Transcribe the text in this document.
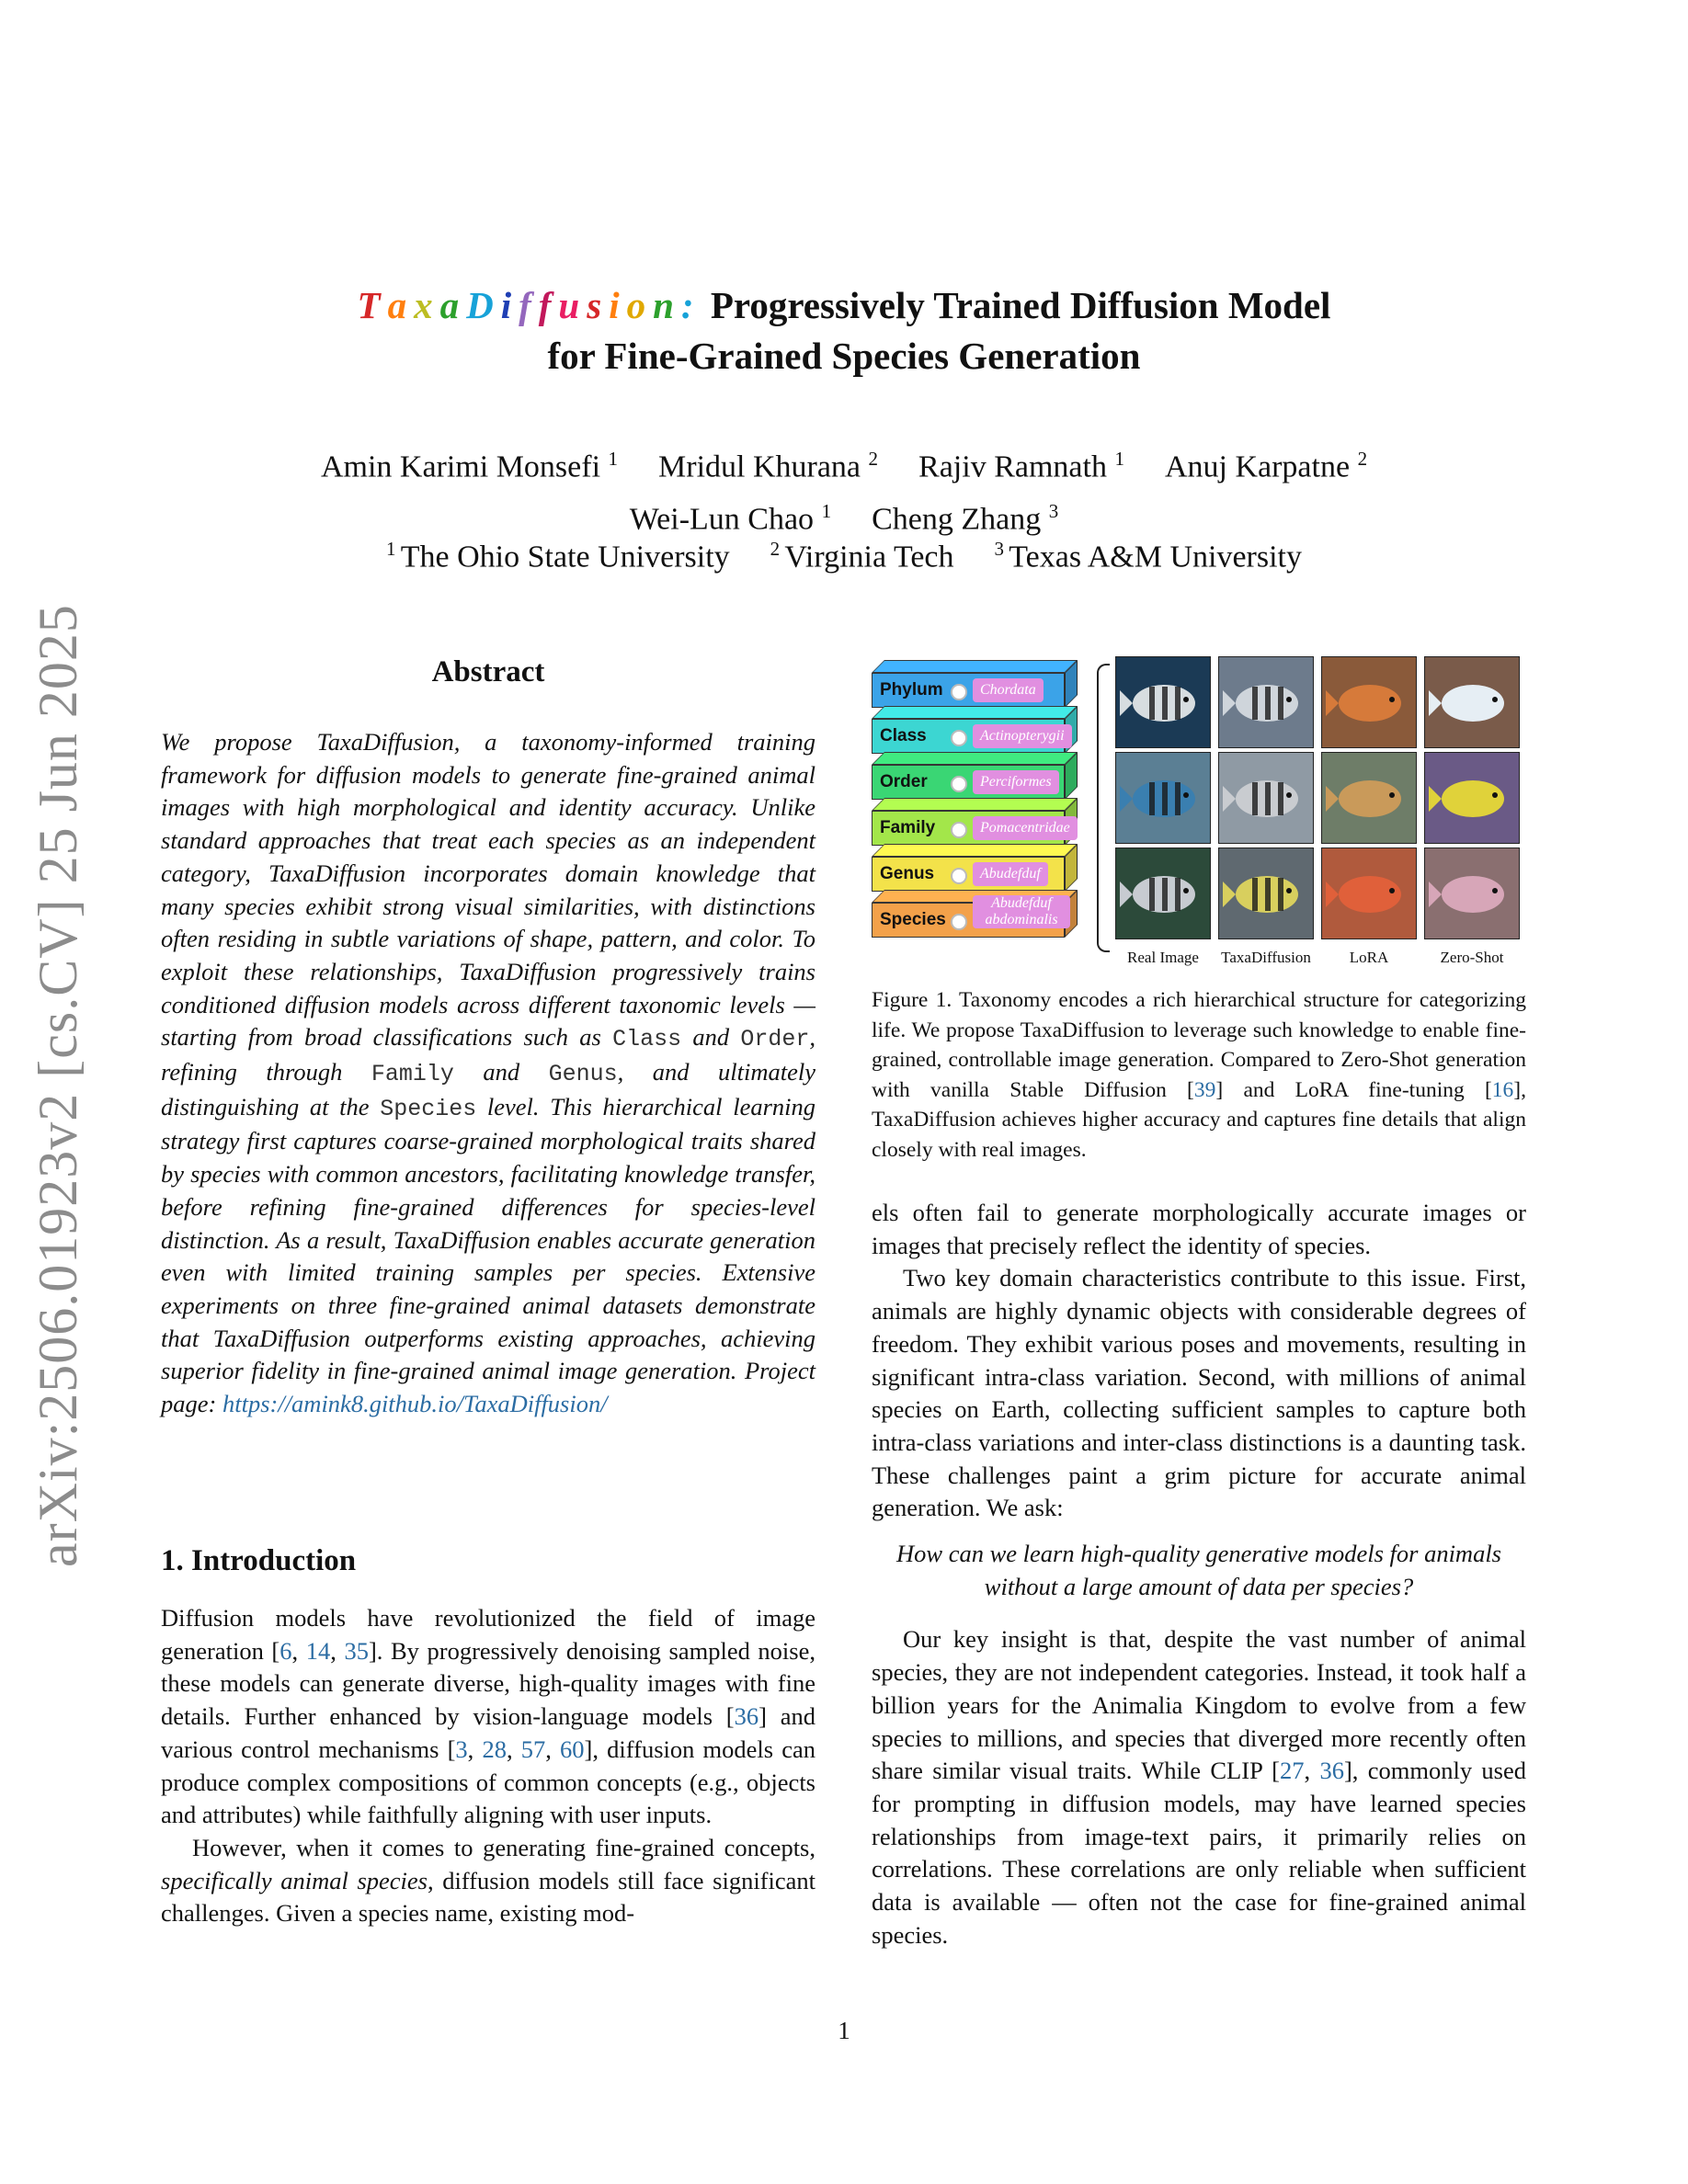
arXiv:2506.01923v2 [cs.CV] 25 Jun 2025
T a x a D i f f u s i o n : Progressively Trained Diffusion Model
for Fine-Grained Species Generation
Amin Karimi Monsefi $^1$ Mridul Khurana $^2$ Rajiv Ramnath $^1$ Anuj Karpatne $^2$
Wei-Lun Chao $^1$ Cheng Zhang $^3$
$^1$ The Ohio State University $^2$ Virginia Tech $^3$ Texas A&M University
Abstract
We propose TaxaDiffusion, a taxonomy-informed training framework for diffusion models to generate fine-grained animal images with high morphological and identity accuracy. Unlike standard approaches that treat each species as an independent category, TaxaDiffusion incorporates domain knowledge that many species exhibit strong visual similarities, with distinctions often residing in subtle variations of shape, pattern, and color. To exploit these relationships, TaxaDiffusion progressively trains conditioned diffusion models across different taxonomic levels — starting from broad classifications such as Class and Order, refining through Family and Genus, and ultimately distinguishing at the Species level. This hierarchical learning strategy first captures coarse-grained morphological traits shared by species with common ancestors, facilitating knowledge transfer, before refining fine-grained differences for species-level distinction. As a result, TaxaDiffusion enables accurate generation even with limited training samples per species. Extensive experiments on three fine-grained animal datasets demonstrate that TaxaDiffusion outperforms existing approaches, achieving superior fidelity in fine-grained animal image generation. Project page: https://amink8.github.io/TaxaDiffusion/
1. Introduction

Diffusion models have revolutionized the field of image generation [6, 14, 35]. By progressively denoising sampled noise, these models can generate diverse, high-quality images with fine details. Further enhanced by vision-language models [36] and various control mechanisms [3, 28, 57, 60], diffusion models can produce complex compositions of common concepts (e.g., objects and attributes) while faithfully aligning with user inputs.

However, when it comes to generating fine-grained concepts, specifically animal species, diffusion models still face significant challenges. Given a species name, existing mod-

Phylum	Chordata
Class	Actinopterygii
Order	Perciformes
Family	Pomacentridae
Genus	Abudefduf
Species
Abudefduf abdominalis
Real Image	TaxaDiffusion	LoRA	Zero-Shot
Figure 1. Taxonomy encodes a rich hierarchical structure for categorizing life. We propose TaxaDiffusion to leverage such knowledge to enable fine-grained, controllable image generation. Compared to Zero-Shot generation with vanilla Stable Diffusion [39] and LoRA fine-tuning [16], TaxaDiffusion achieves higher accuracy and captures fine details that align closely with real images.

els often fail to generate morphologically accurate images or images that precisely reflect the identity of species.

Two key domain characteristics contribute to this issue. First, animals are highly dynamic objects with considerable degrees of freedom. They exhibit various poses and movements, resulting in significant intra-class variation. Second, with millions of animal species on Earth, collecting sufficient samples to capture both intra-class variations and inter-class distinctions is a daunting task. These challenges paint a grim picture for accurate animal generation. We ask:

How can we learn high-quality generative models for animals without a large amount of data per species?

Our key insight is that, despite the vast number of animal species, they are not independent categories. Instead, it took half a billion years for the Animalia Kingdom to evolve from a few species to millions, and species that diverged more recently often share similar visual traits. While CLIP [27, 36], commonly used for prompting in diffusion models, may have learned species relationships from image-text pairs, it primarily relies on correlations. These correlations are only reliable when sufficient data is available — often not the case for fine-grained animal species.

1
